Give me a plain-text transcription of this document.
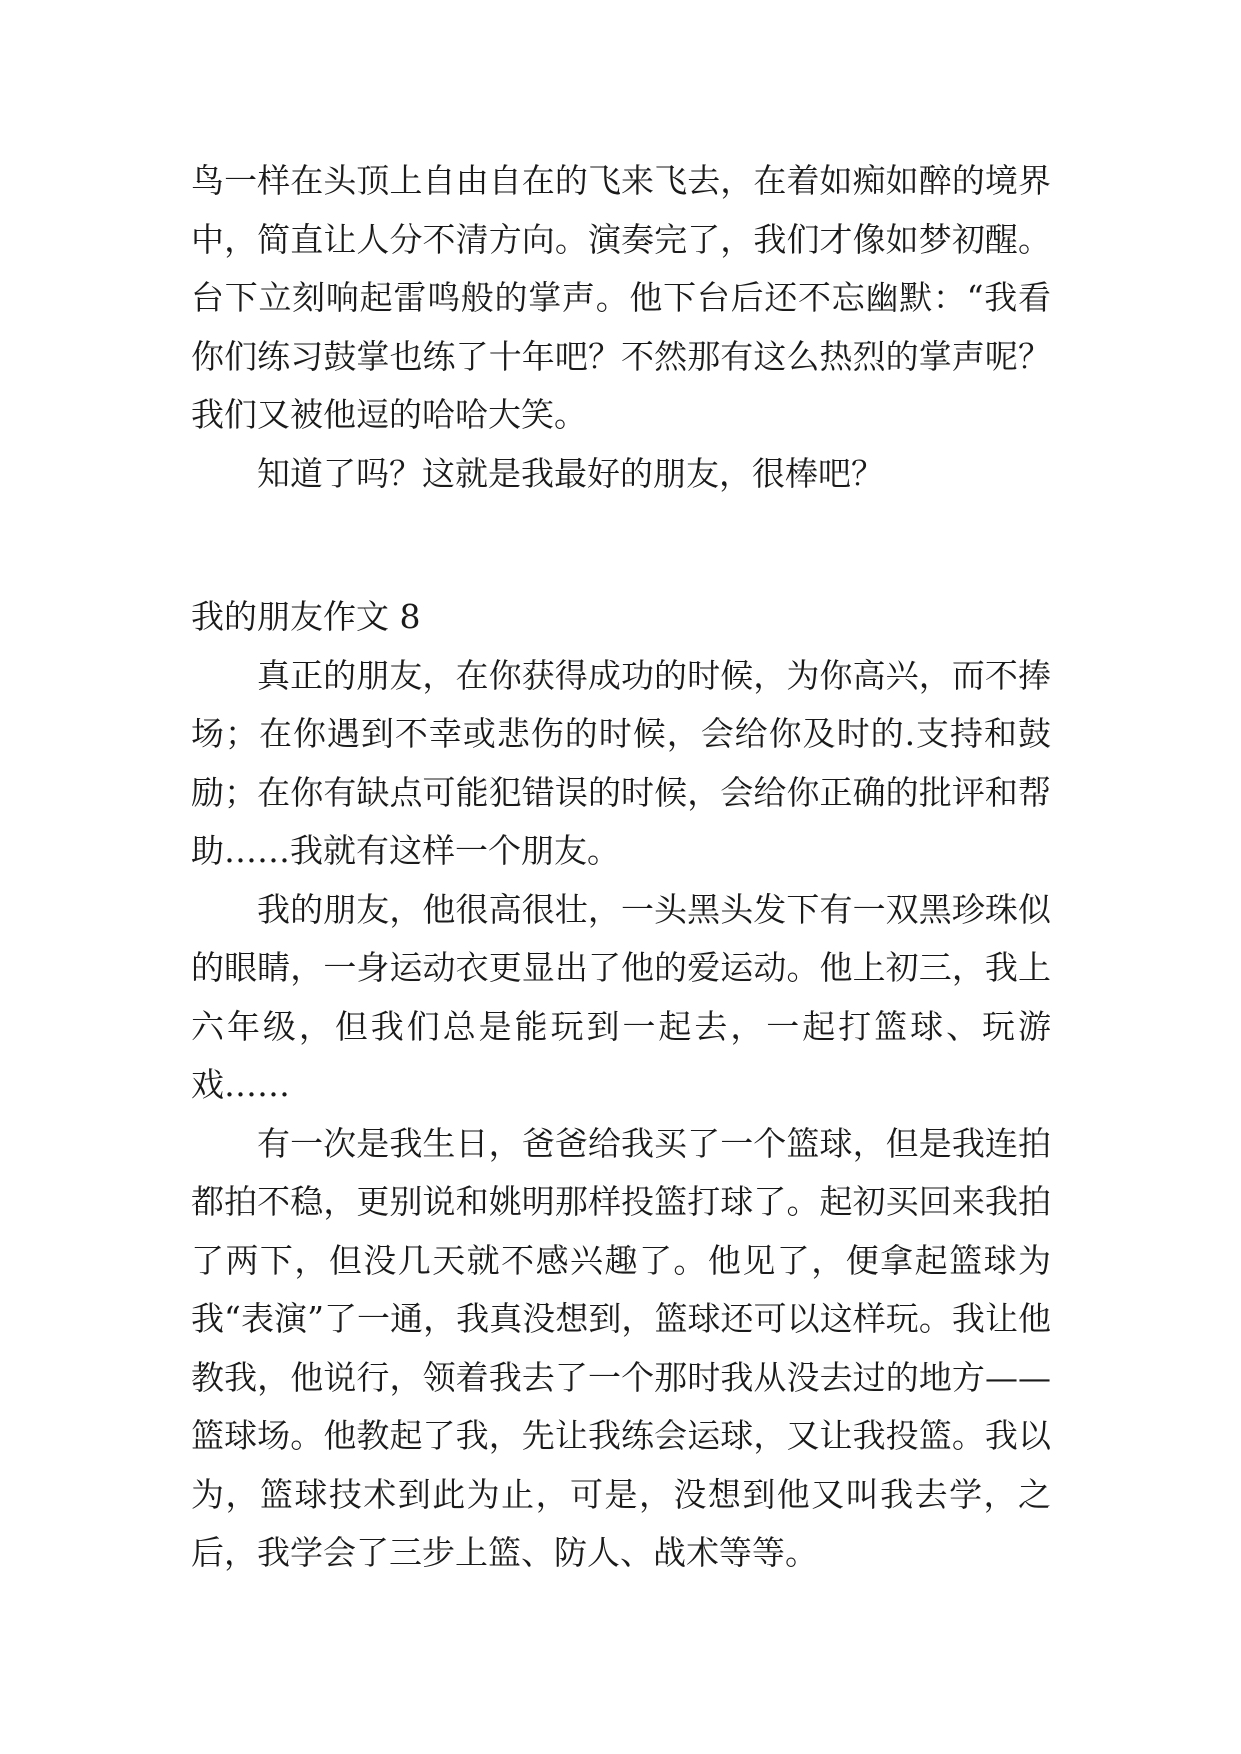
鸟一样在头顶上自由自在的飞来飞去，在着如痴如醉的境界中，简直让人分不清方向。演奏完了，我们才像如梦初醒。台下立刻响起雷鸣般的掌声。他下台后还不忘幽默：“我看你们练习鼓掌也练了十年吧？不然那有这么热烈的掌声呢？我们又被他逗的哈哈大笑。

知道了吗？这就是我最好的朋友，很棒吧？

我的朋友作文 8

真正的朋友，在你获得成功的时候，为你高兴，而不捧场；在你遇到不幸或悲伤的时候，会给你及时的.支持和鼓励；在你有缺点可能犯错误的时候，会给你正确的批评和帮助……我就有这样一个朋友。

我的朋友，他很高很壮，一头黑头发下有一双黑珍珠似的眼睛，一身运动衣更显出了他的爱运动。他上初三，我上六年级，但我们总是能玩到一起去，一起打篮球、玩游戏……

有一次是我生日，爸爸给我买了一个篮球，但是我连拍都拍不稳，更别说和姚明那样投篮打球了。起初买回来我拍了两下，但没几天就不感兴趣了。他见了，便拿起篮球为我“表演”了一通，我真没想到，篮球还可以这样玩。我让他教我，他说行，领着我去了一个那时我从没去过的地方——篮球场。他教起了我，先让我练会运球，又让我投篮。我以为，篮球技术到此为止，可是，没想到他又叫我去学，之后，我学会了三步上篮、防人、战术等等。
